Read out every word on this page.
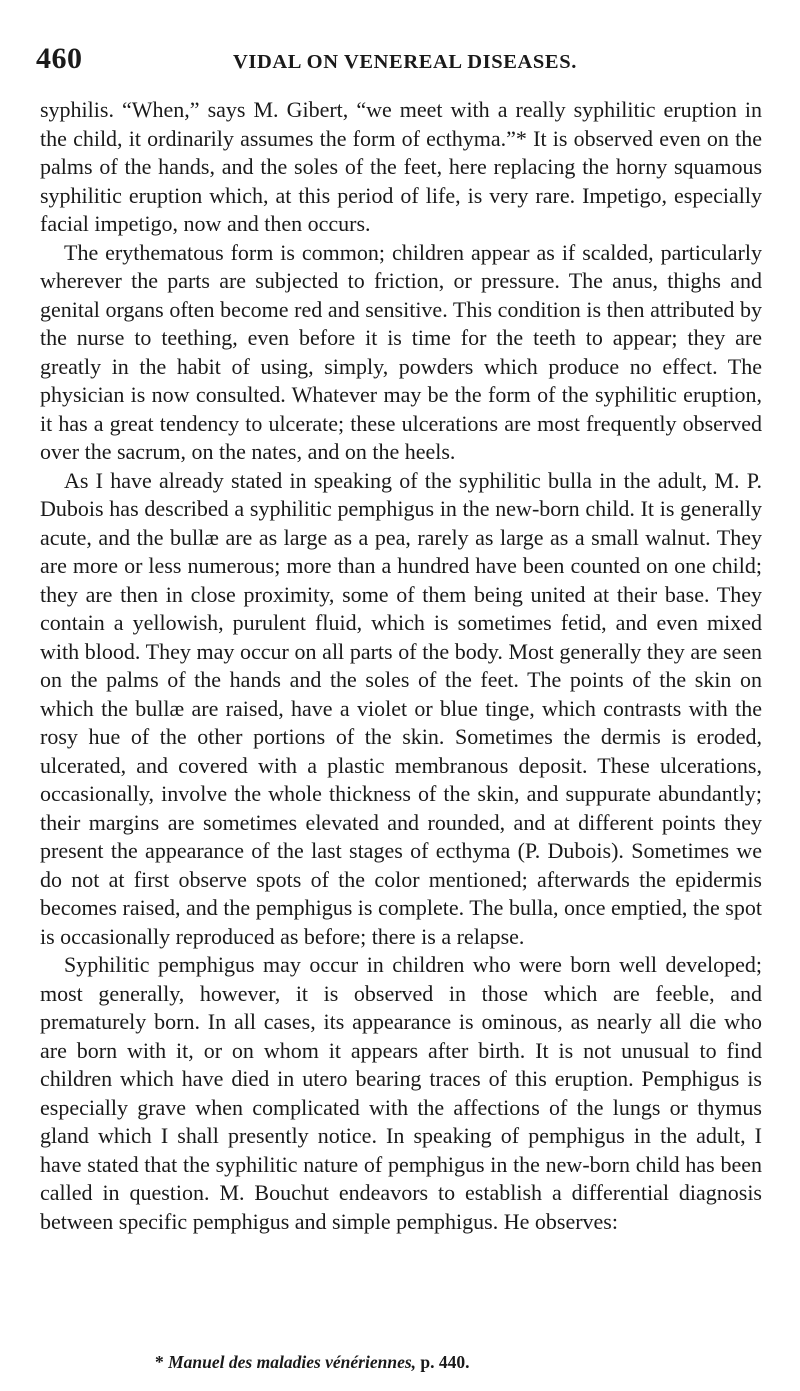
460	VIDAL ON VENEREAL DISEASES.

syphilis. “When,” says M. Gibert, “we meet with a really syphilitic eruption in the child, it ordinarily assumes the form of ecthyma.”* It is observed even on the palms of the hands, and the soles of the feet, here replacing the horny squamous syphilitic eruption which, at this period of life, is very rare. Impetigo, especially facial impetigo, now and then occurs.

The erythematous form is common; children appear as if scalded, particularly wherever the parts are subjected to friction, or pressure. The anus, thighs and genital organs often become red and sensitive. This condition is then attributed by the nurse to teething, even before it is time for the teeth to appear; they are greatly in the habit of using, simply, powders which produce no effect. The physician is now consulted. Whatever may be the form of the syphilitic eruption, it has a great tendency to ulcerate; these ulcerations are most frequently observed over the sacrum, on the nates, and on the heels.

As I have already stated in speaking of the syphilitic bulla in the adult, M. P. Dubois has described a syphilitic pemphigus in the new-born child. It is generally acute, and the bullæ are as large as a pea, rarely as large as a small walnut. They are more or less numerous; more than a hundred have been counted on one child; they are then in close proximity, some of them being united at their base. They contain a yellowish, purulent fluid, which is sometimes fetid, and even mixed with blood. They may occur on all parts of the body. Most generally they are seen on the palms of the hands and the soles of the feet. The points of the skin on which the bullæ are raised, have a violet or blue tinge, which contrasts with the rosy hue of the other portions of the skin. Sometimes the dermis is eroded, ulcerated, and covered with a plastic membranous deposit. These ulcerations, occasionally, involve the whole thickness of the skin, and suppurate abundantly; their margins are sometimes elevated and rounded, and at different points they present the appearance of the last stages of ecthyma (P. Dubois). Sometimes we do not at first observe spots of the color mentioned; afterwards the epidermis becomes raised, and the pemphigus is complete. The bulla, once emptied, the spot is occasionally reproduced as before; there is a relapse.

Syphilitic pemphigus may occur in children who were born well developed; most generally, however, it is observed in those which are feeble, and prematurely born. In all cases, its appearance is ominous, as nearly all die who are born with it, or on whom it appears after birth. It is not unusual to find children which have died in utero bearing traces of this eruption. Pemphigus is especially grave when complicated with the affections of the lungs or thymus gland which I shall presently notice. In speaking of pemphigus in the adult, I have stated that the syphilitic nature of pemphigus in the new-born child has been called in question. M. Bouchut endeavors to establish a differential diagnosis between specific pemphigus and simple pemphigus. He observes:

* Manuel des maladies vénériennes, p. 440.
